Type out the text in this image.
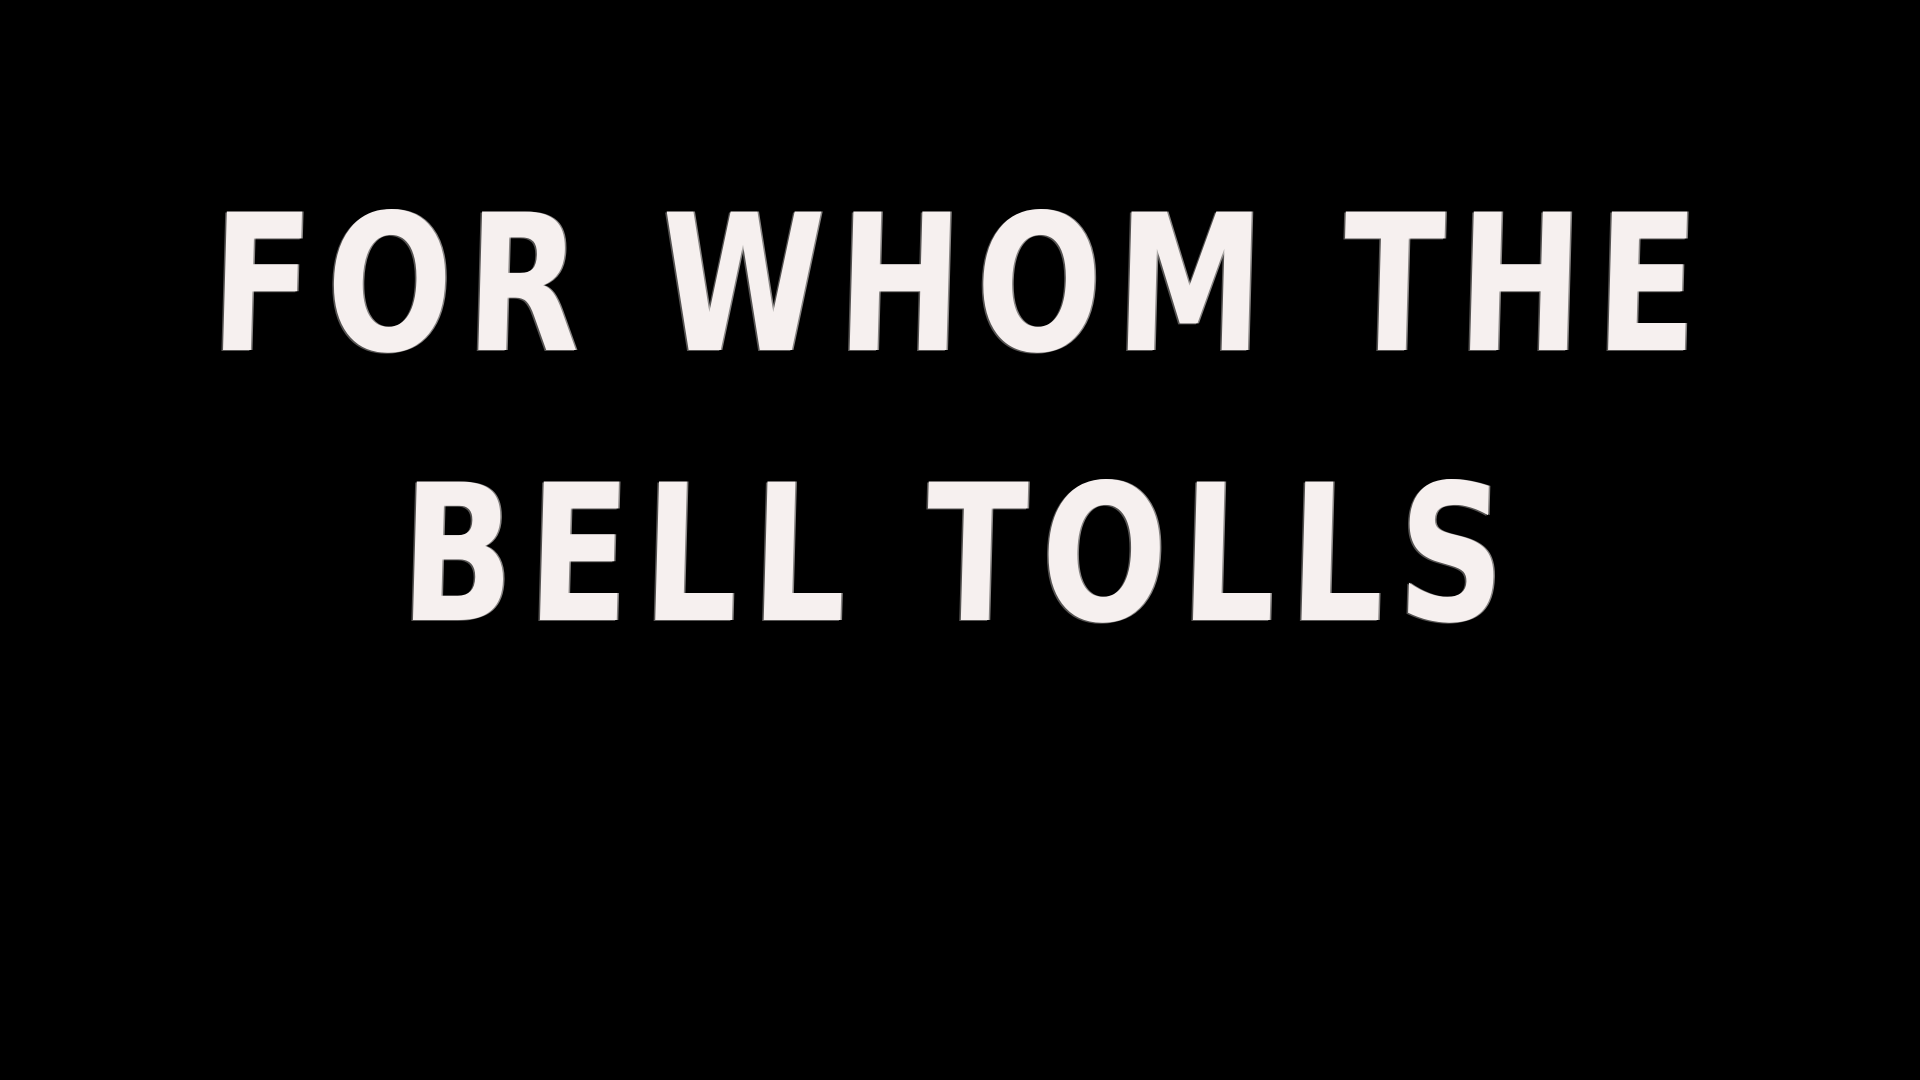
FOR WHOM THE
BELL TOLLS
